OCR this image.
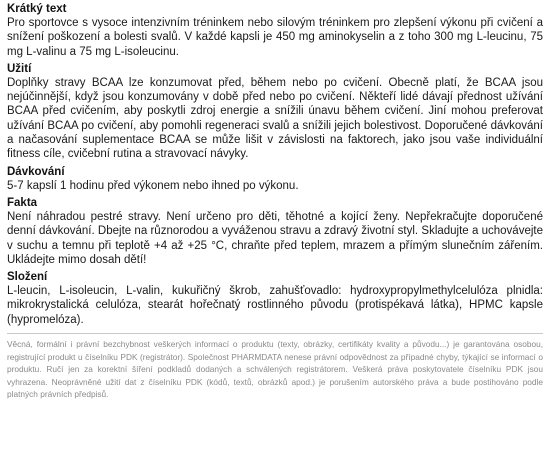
Krátký text

Pro sportovce s vysoce intenzivním tréninkem nebo silovým tréninkem pro zlepšení výkonu při cvičení a snížení poškození a bolesti svalů. V každé kapsli je 450 mg aminokyselin a z toho 300 mg L-leucinu, 75 mg L-valinu a 75 mg L-isoleucinu.

Užití

Doplňky stravy BCAA lze konzumovat před, během nebo po cvičení. Obecně platí, že BCAA jsou nejúčinnější, když jsou konzumovány v době před nebo po cvičení. Někteří lidé dávají přednost užívání BCAA před cvičením, aby poskytli zdroj energie a snížili únavu během cvičení. Jiní mohou preferovat užívání BCAA po cvičení, aby pomohli regeneraci svalů a snížili jejich bolestivost. Doporučené dávkování a načasování suplementace BCAA se může lišit v závislosti na faktorech, jako jsou vaše individuální fitness cíle, cvičební rutina a stravovací návyky.

Dávkování

5-7 kapslí 1 hodinu před výkonem nebo ihned po výkonu.

Fakta

Není náhradou pestré stravy. Není určeno pro děti, těhotné a kojící ženy. Nepřekračujte doporučené denní dávkování. Dbejte na různorodou a vyváženou stravu a zdravý životní styl. Skladujte a uchovávejte v suchu a temnu při teplotě +4 až +25 °C, chraňte před teplem, mrazem a přímým slunečním zářením. Ukládejte mimo dosah dětí!

Složení

L-leucin, L-isoleucin, L-valin, kukuřičný škrob, zahušťovadlo: hydroxypropylmethylcelulóza plnidla: mikrokrystalická celulóza, stearát hořečnatý rostlinného původu (protispékavá látka), HPMC kapsle (hypromelóza).

Věcná, formální i právní bezchybnost veškerých informací o produktu (texty, obrázky, certifikáty kvality a původu...) je garantována osobou, registrující produkt u číselníku PDK (registrátor). Společnost PHARMDATA nenese právní odpovědnost za případné chyby, týkající se informací o produktu. Ručí jen za korektní šíření podkladů dodaných a schválených registrátorem. Veškerá práva poskytovatele číselníku PDK jsou vyhrazena. Neoprávněné užití dat z číselníku PDK (kódů, textů, obrázků apod.) je porušením autorského práva a bude postihováno podle platných právních předpisů.
